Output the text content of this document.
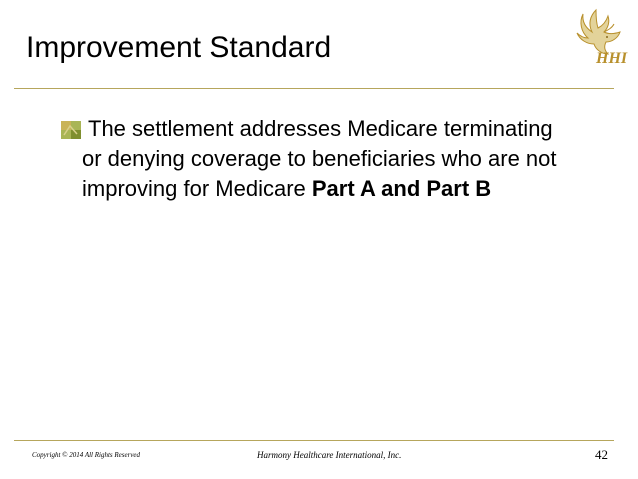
Improvement Standard	HHI
The settlement addresses Medicare terminating or denying coverage to beneficiaries who are not improving for Medicare Part A and Part B
Copyright © 2014 All Rights Reserved	Harmony Healthcare International, Inc.	42
